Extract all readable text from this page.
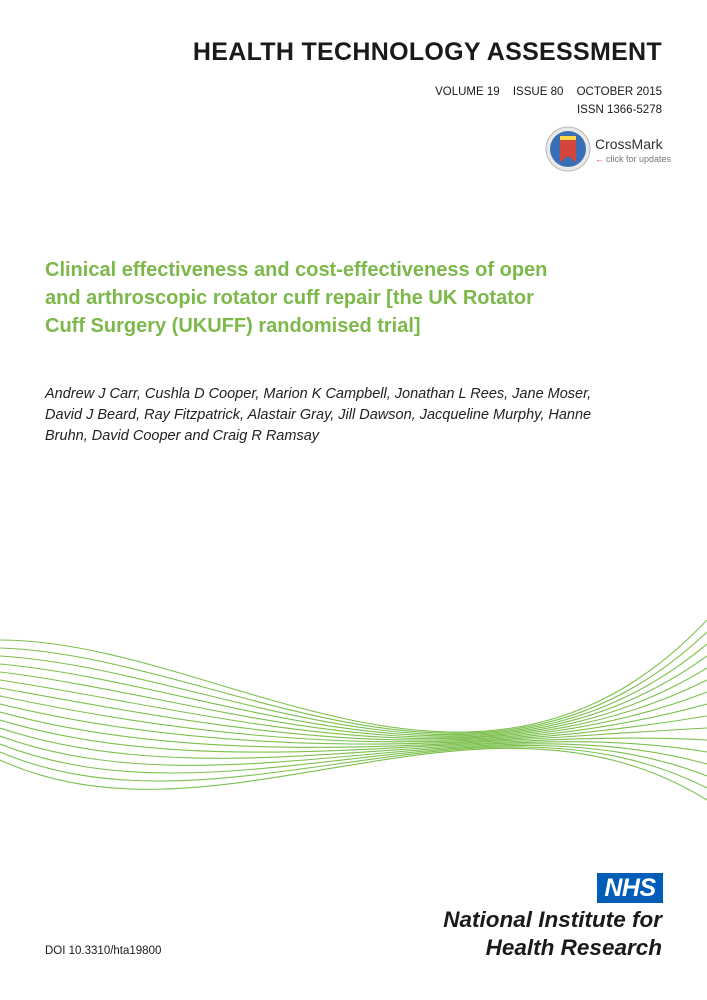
HEALTH TECHNOLOGY ASSESSMENT
VOLUME 19 ISSUE 80 OCTOBER 2015
ISSN 1366-5278
CrossMark
← click for updates
Clinical effectiveness and cost-effectiveness of open and arthroscopic rotator cuff repair [the UK Rotator Cuff Surgery (UKUFF) randomised trial]

Andrew J Carr, Cushla D Cooper, Marion K Campbell, Jonathan L Rees, Jane Moser, David J Beard, Ray Fitzpatrick, Alastair Gray, Jill Dawson, Jacqueline Murphy, Hanne Bruhn, David Cooper and Craig R Ramsay

NHS
National Institute for
Health Research
DOI 10.3310/hta19800
